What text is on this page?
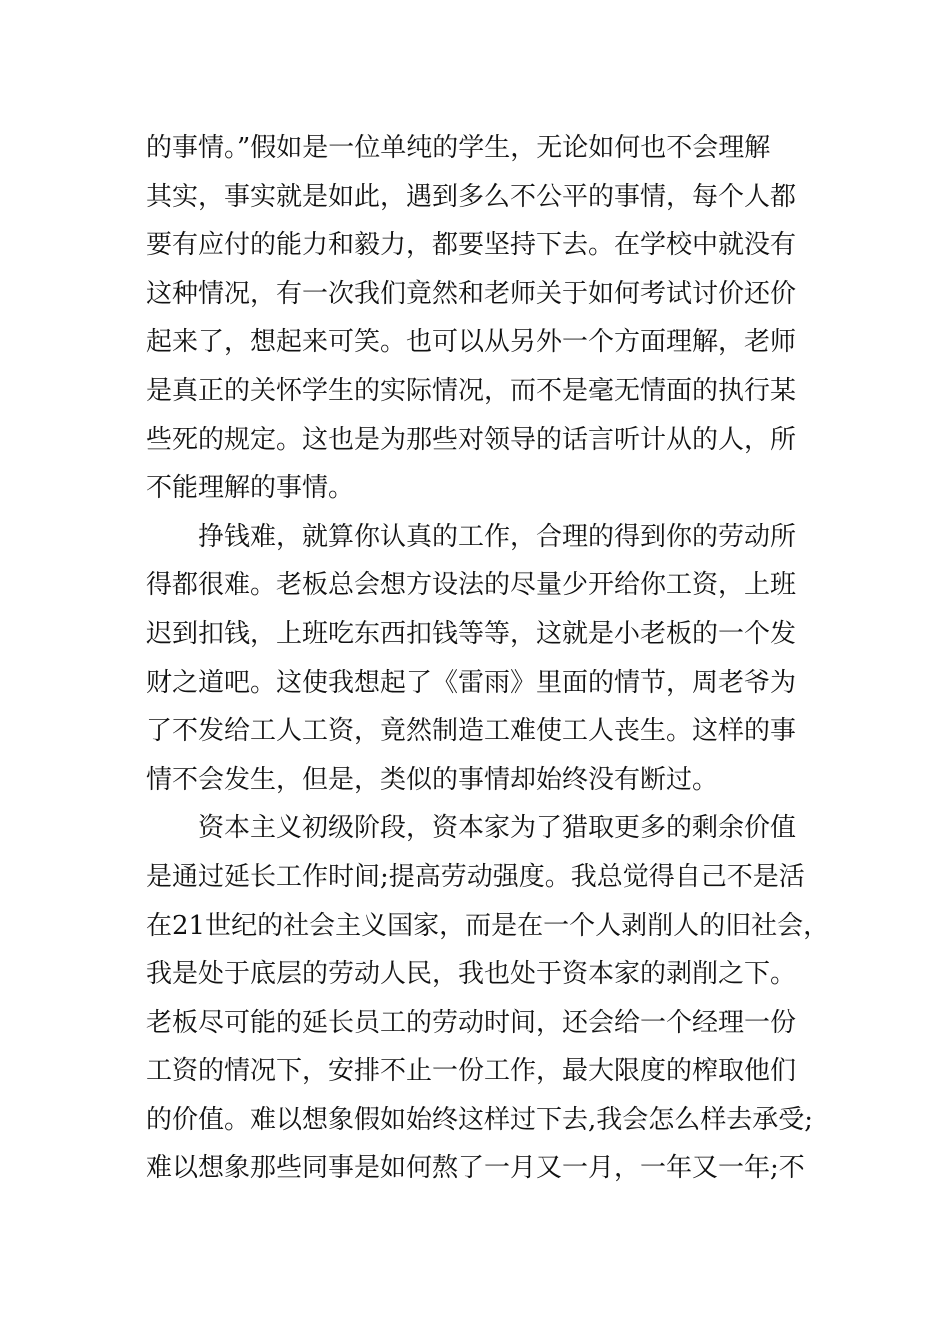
的事情。”假如是一位单纯的学生，无论如何也不会理解
其实，事实就是如此，遇到多么不公平的事情，每个人都
要有应付的能力和毅力，都要坚持下去。在学校中就没有
这种情况，有一次我们竟然和老师关于如何考试讨价还价
起来了，想起来可笑。也可以从另外一个方面理解，老师
是真正的关怀学生的实际情况，而不是毫无情面的执行某
些死的规定。这也是为那些对领导的话言听计从的人，所
不能理解的事情。
挣钱难，就算你认真的工作，合理的得到你的劳动所
得都很难。老板总会想方设法的尽量少开给你工资，上班
迟到扣钱，上班吃东西扣钱等等，这就是小老板的一个发
财之道吧。这使我想起了《雷雨》里面的情节，周老爷为
了不发给工人工资，竟然制造工难使工人丧生。这样的事
情不会发生，但是，类似的事情却始终没有断过。
资本主义初级阶段，资本家为了猎取更多的剩余价值
是通过延长工作时间;提高劳动强度。我总觉得自己不是活
在21世纪的社会主义国家，而是在一个人剥削人的旧社会，
我是处于底层的劳动人民，我也处于资本家的剥削之下。
老板尽可能的延长员工的劳动时间，还会给一个经理一份
工资的情况下，安排不止一份工作，最大限度的榨取他们
的价值。难以想象假如始终这样过下去,我会怎么样去承受;
难以想象那些同事是如何熬了一月又一月，一年又一年;不
